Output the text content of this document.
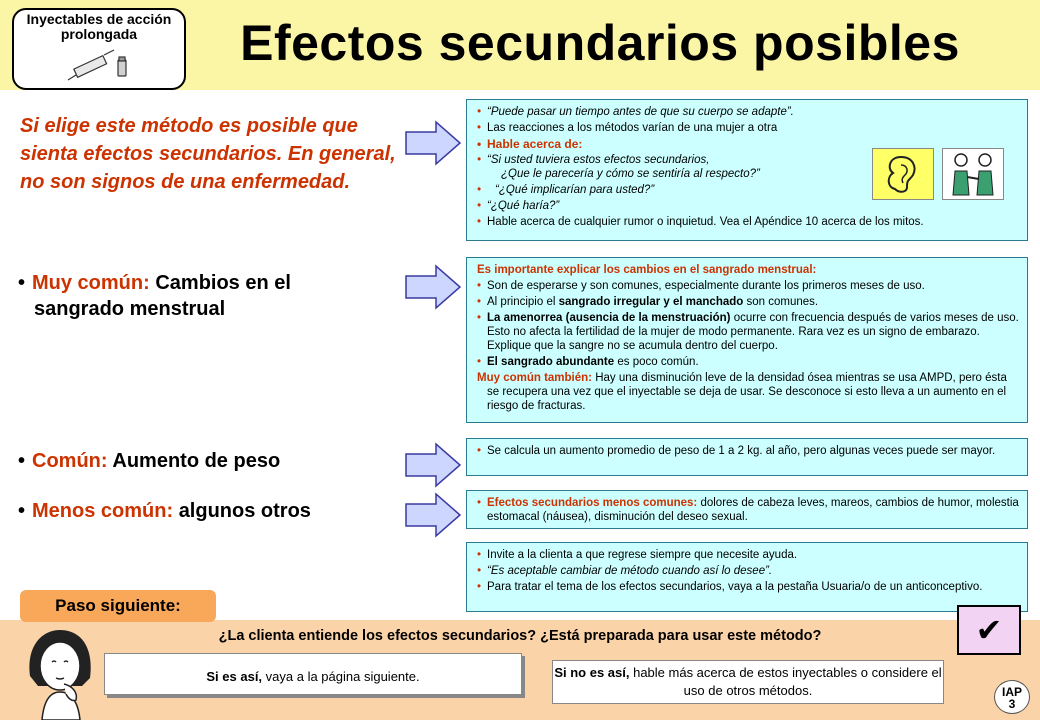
Inyectables de acción prolongada	Efectos secundarios posibles
Si elige este método es posible que sienta efectos secundarios. En general, no son signos de una enfermedad.
• Muy común: Cambios en el
sangrado menstrual
• Común: Aumento de peso
• Menos común: algunos otros
• “Puede pasar un tiempo antes de que su cuerpo se adapte”.
• Las reacciones a los métodos varían de una mujer a otra
• Hable acerca de:
• “Si usted tuviera estos efectos secundarios,
¿Que le parecería y cómo se sentiría al respecto?”
• “¿Qué implicarían para usted?”
• “¿Qué haría?”
• Hable acerca de cualquier rumor o inquietud. Vea el Apéndice 10 acerca de los mitos.
Es importante explicar los cambios en el sangrado menstrual:
• Son de esperarse y son comunes, especialmente durante los primeros meses de uso.
• Al principio el sangrado irregular y el manchado son comunes.
• La amenorrea (ausencia de la menstruación) ocurre con frecuencia después de varios meses de uso. Esto no afecta la fertilidad de la mujer de modo permanente. Rara vez es un signo de embarazo. Explique que la sangre no se acumula dentro del cuerpo.
• El sangrado abundante es poco común.
Muy común también: Hay una disminución leve de la densidad ósea mientras se usa AMPD, pero ésta se recupera una vez que el inyectable se deja de usar. Se desconoce si esto lleva a un aumento en el riesgo de fracturas.
• Se calcula un aumento promedio de peso de 1 a 2 kg. al año, pero algunas veces puede ser mayor.
• Efectos secundarios menos comunes: dolores de cabeza leves, mareos, cambios de humor, molestia estomacal (náusea), disminución del deseo sexual.
• Invite a la clienta a que regrese siempre que necesite ayuda.
• “Es aceptable cambiar de método cuando así lo desee”.
• Para tratar el tema de los efectos secundarios, vaya a la pestaña Usuaria/o de un anticonceptivo.
Paso siguiente:
¿La clienta entiende los efectos secundarios? ¿Está preparada para usar este método?	✔
Si es así, vaya a la página siguiente.	Si no es así, hable más acerca de estos inyectables o considere el uso de otros métodos.	IAP
3
